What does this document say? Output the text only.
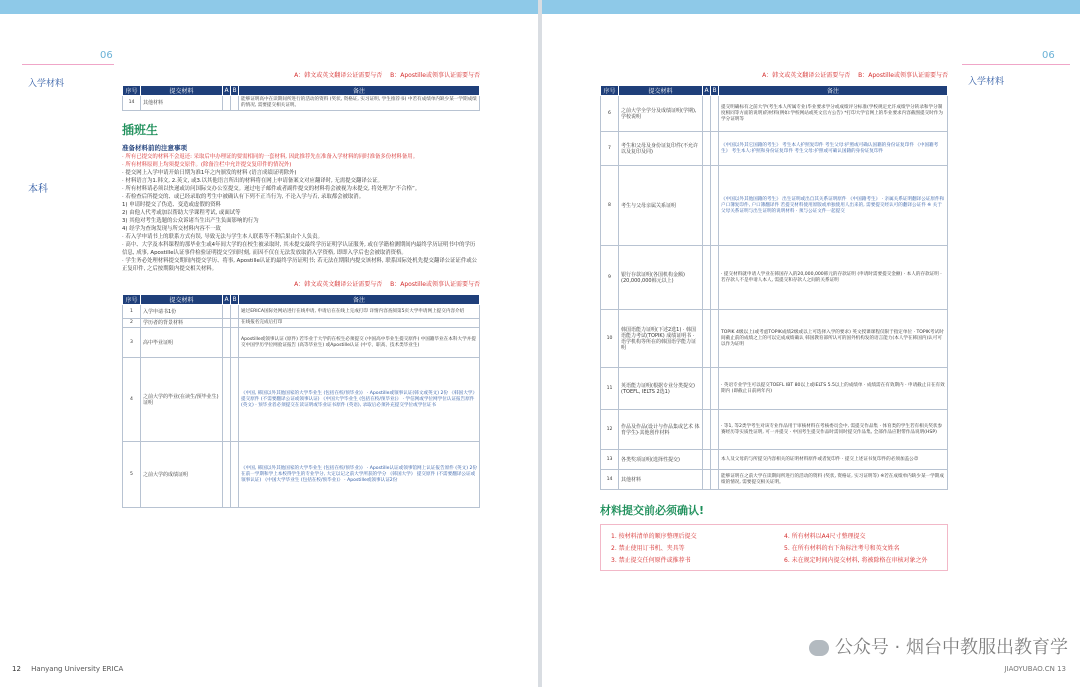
06
入学材料
本科
A：韩文或英文翻译公证需要与否 B：Apostille或领事认证需要与否
序号	提交材料	A	B	备注
14	其他材料			能够证明高中在读期间所进行的活动的资料 (奖状, 资格证, 实习证明, 学生推荐书) 中若有成绩单内缺少某一学期成绩的情况, 需要提交相关证明。
插班生
准备材料前的注意事项
· 所有已提交的材料不会返还: 采取后申办理证的要需相同的一套材料, 因此推荐先在准备入学材料的同时准备多份材料备用。
· 所有材料原则上均须提交原件。(除备注栏中允许提交复印件的情况外)
· 提交网上入学申请开始日期为准1年之内颁发的材料 (语言成绩证明除外)
· 材料语言为1.韩文, 2.英文, 或3.以其他语言所出的材料将在网上申请备案文对应翻译时, 无需提交翻译公证。
· 所有材料请必须以快递或访问国际交办公室提交。递过电子邮件或者副件提交的材料将会被视为未提交, 将处理为“不合格”。
· 若检查后所提交的、或已经录取的考生中被确认有下列不正当行为, 不论入学与否, 录取都会被取消。
1) 申请时提交了伪造、变造或虚假的资料
2) 由他人代考或加以帮助大学课程考试, 或面试等
3) 其他对考生选题的公众诉诸当生出产生负面影响的行为
4) 经学为查询发现与所交材料内容不一致
· 若入学申请书上的联系方式有误, 导致无法与学生本人联系等不利后果由个人负责。
· 高中、大学及本科课程的那毕业生或4年间大学的在校生被录取时, 其未提交最终学历证明学认证服务, 或在学籍检测期间内最终学历证明书中的学历信息, 成事, Apostille认证事件检验证明提交空间时刻, 而因不仅在无法发放取消入学资格, 即即入学后也会被取消资格。
· 学生务必处理材料提交期间内提交学历、将事, Apostille认证的最终学历证明书; 若无法在期限内提交该材料, 联系国际处机先提交翻译公证证件或公正复印件, 之后按期限内提交相关材料。
A：韩文或英文翻译公证需要与否 B：Apostille或领事认证需要与否
序号	提交材料	A	B	备注
1	入学申请书1份			通过ERICA国际处网站进行在线申请, 申请后在在线上完成打印 详情内容查阅第5页大学申请网上提交内容介绍
2	学历者的背景材料			在线报名完成后打印
3	高中毕业证明			Apostille或领事认证 (原件) 若毕业于大学的在校生必须提交 (中国高中毕业生提交原件) 中国籍毕业在本科大学并提交中国学历学位网验证报告 (高等毕业生) 或Apostille认证 (中专、职高、技术类毕业生)
4	之前大学的毕业(在读生/预毕业生)证明			《中国, 韩国以外其他国家的大学毕业生 (包括在校/预毕业)》 · Apostille或领事认证(韩文或英文) 2份 《韩国大学》 提交原件 (不需要翻译公证或领事认证) 《中国大学毕业生 (包括在校/预毕业)》 · 学信网或学位网学位认证报告原件(英文) · 预毕业者必须提交在读证明或毕业证书原件 (英语), 录取后必须补充提交学位或学位证书
5	之前大学的成绩证明			《中国, 韩国以外其他国家的大学毕业生 (包括在校/预毕业)》 · Apostille认证或领事馆网上认证报告原件 (英文) 2份 在前一学期和学上本校得学生的专业学分, 大定以记之前大学所获的学分 《韩国大学》 提交原件 (不需要翻译公证或领事认证) 《中国大学毕业生 (包括在校/预毕业)》 · Apostille或领事认证2份
12 Hanyang University ERICA
A：韩文或英文翻译公证需要与否 B：Apostille或领事认证需要与否
序号	提交材料	A	B	备注
6	之前大学全学分及成绩证明(学期), 学校说明			提交明确标有之前大学(考生本人所属专业)毕业要求学分或成绩评分标准(学校规定允许成绩学分转录和学分制度相同等方面的说明)的材料(例如:学校网站或英文官方公告) *打印大学官网上的毕业要求内容截图提交时作为学分证明等
7	考生和父母及身份证复印件(不允许以及复印及同)			《中国以外其它国籍的考生》 考生本人护照复印件 考生父母:护照或可确认国籍的身份证复印件 《中国籍考生》 考生本人:护照和身份证复印件 考生父母:护照或可确认国籍的身份证复印件
8	考生与父母亲属关系证明			《中国以外其他国籍的考生》 出生证明或出自其关系证明原件 《中国籍考生》 · 亲属关系证明翻译公证原件和户口簿复印件, 户口簿翻译件 若提交材料使用原版或单独使用人出来的, 需要提交经认可的翻译公证件 ※ 关于父母关系证明与出生证明的说明材料 · 须与公证文件一起提交
9	银行存款证明(各国机构金额) (20,000,000韩元以上)			· 提交材料就申请人学业在韩国存入的20,000,000韩元的存款证明 (申请时需要提交金额) · 本人的存款证明 · 若存款人不是申请人本人, 需提交和存款人之间的关系证明
10	韩国语能力证明(下述2选1) · 韩国语能力考试(TOPIK) 成绩证明书 · 语学机构等所在的韩国语学能力证明			TOPIK 4级以上(或考虑TOPIK成绩2级或以上可选择入学的要求) 英文授课课程仅限于指定单位 · TOPIK考试时间截止前的成绩之上的可以完成成绩确认 韩国教育部所认可的国外机构发的语言能力(本人学在韩国内)认可可以作为证明
11	英语能力证明(根据专业分类提交) (TOEFL, IELTS 2选1)			· 英语专业学生可以提交TOEFL IBT 80以上或IELTS 5.5以上的成绩单 · 成绩需在有效期内 · 申请截止日在有效期内 (即截止日前两年内)
12	作品及作品(设计与作品集或艺术 体育学生)·其他创作材料			· 等1, 等2类学考生对该专业作品用于审核材料在考核委员会中, 需提交作品集 · 体育类的学生若有相关奖状参赛经历等实质性证明, 可一并提交 · 中国考生提交作品时需同时提交作品集, 全部作品应附带作品说明(HSP)
13	各类奖项证明(选择性提交)			本人及父母的与所提交内容相关的证明材料原件或者复印件 · 提交上述证书复印件的必须加盖公章
14	其他材料			能够证明在之前大学在读期间所进行的活动的资料 (奖状, 资格证, 实习证明等) ※若在成绩单内缺少某一学期成绩的情况, 需要提交相关证明。
材料提交前必须确认!
1. 按材料清单的顺序整理后提交	4. 所有材料以A4尺寸整理提交
2. 禁止使用订书机、夹具等	5. 在所有材料的右下角标注考号和英文姓名
3. 禁止提交任何原件或推荐书	6. 未在规定时间内提交材料, 将被除格在审核对象之外
06
入学材料
公众号 · 烟台中教服出教育学
JIAOYUBAO.CN 13
